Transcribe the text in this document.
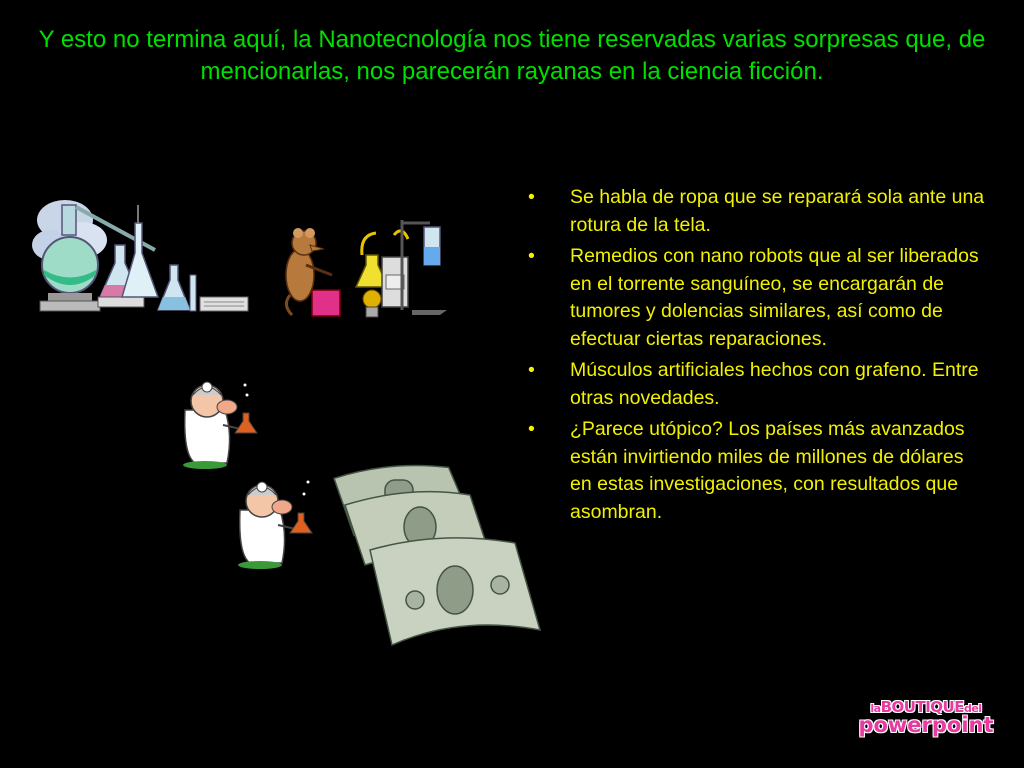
Y esto no termina aquí, la Nanotecnología nos tiene reservadas varias sorpresas que, de mencionarlas, nos parecerán rayanas en la ciencia ficción.
• Se habla de ropa que se reparará sola ante una rotura de la tela.
• Remedios con nano robots que al ser liberados en el torrente sanguíneo, se encargarán de tumores y dolencias similares, así como de efectuar ciertas reparaciones.
• Músculos artificiales hechos con grafeno. Entre otras novedades.
• ¿Parece utópico? Los países más avanzados están invirtiendo miles de millones de dólares en estas investigaciones, con resultados que asombran.
laBOUTIQUEdel
powerpoint
